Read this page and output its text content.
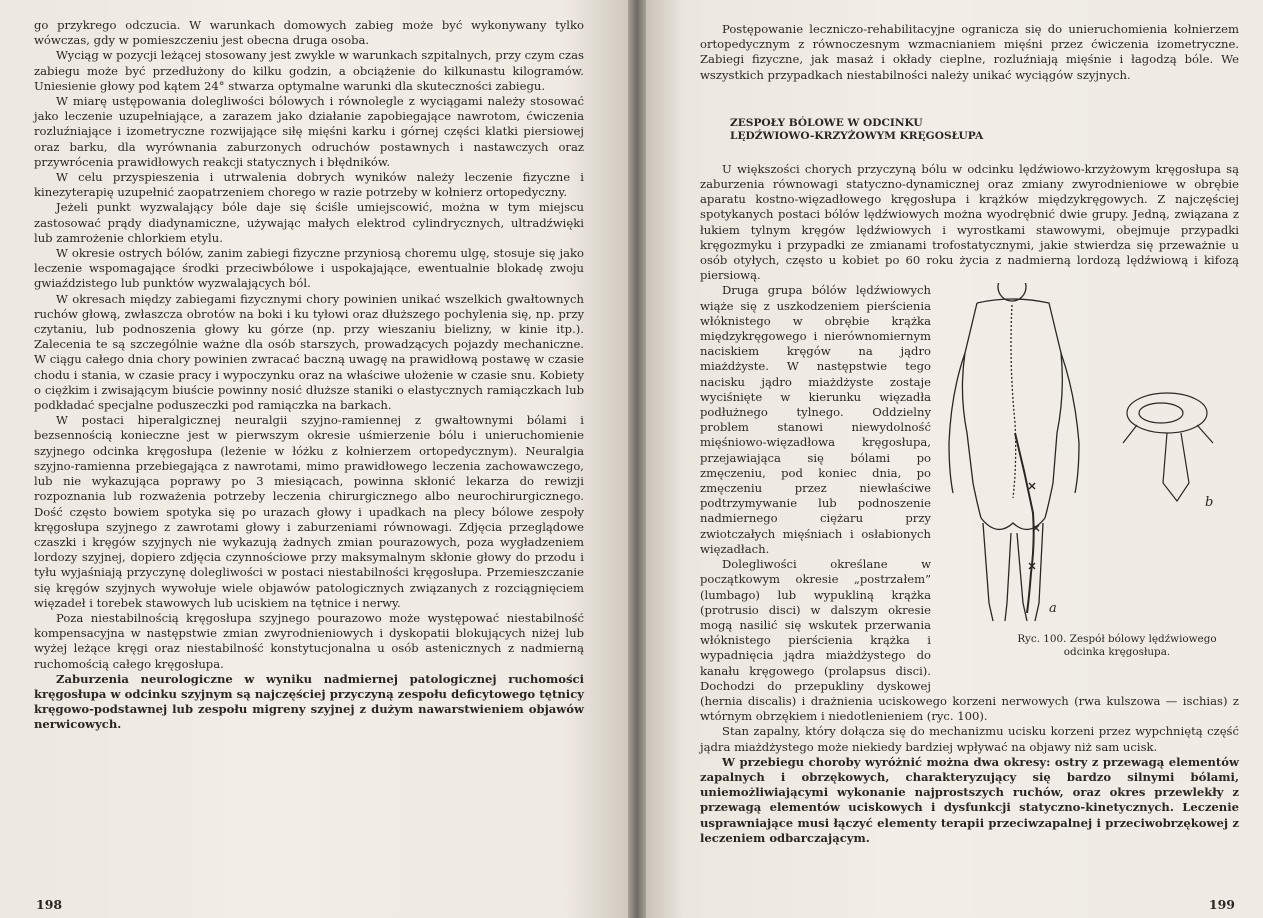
go przykrego odczucia. W warunkach domowych zabieg może być wykonywany tylko wówczas, gdy w pomieszczeniu jest obecna druga osoba.

Wyciąg w pozycji leżącej stosowany jest zwykle w warunkach szpitalnych, przy czym czas zabiegu może być przedłużony do kilku godzin, a obciążenie do kilkunastu kilogramów. Uniesienie głowy pod kątem 24° stwarza optymalne warunki dla skuteczności zabiegu.

W miarę ustępowania dolegliwości bólowych i równolegle z wyciągami należy stosować jako leczenie uzupełniające, a zarazem jako działanie zapobiegające nawrotom, ćwiczenia rozluźniające i izometryczne rozwijające siłę mięśni karku i górnej części klatki piersiowej oraz barku, dla wyrównania zaburzonych odruchów postawnych i nastawczych oraz przywrócenia prawidłowych reakcji statycznych i błędników.

W celu przyspieszenia i utrwalenia dobrych wyników należy leczenie fizyczne i kinezyterapię uzupełnić zaopatrzeniem chorego w razie potrzeby w kołnierz ortopedyczny.

Jeżeli punkt wyzwalający bóle daje się ściśle umiejscowić, można w tym miejscu zastosować prądy diadynamiczne, używając małych elektrod cylindrycznych, ultradźwięki lub zamrożenie chlorkiem etylu.

W okresie ostrych bólów, zanim zabiegi fizyczne przyniosą choremu ulgę, stosuje się jako leczenie wspomagające środki przeciwbólowe i uspokajające, ewentualnie blokadę zwoju gwiaździstego lub punktów wyzwalających ból.

W okresach między zabiegami fizycznymi chory powinien unikać wszelkich gwałtownych ruchów głową, zwłaszcza obrotów na boki i ku tyłowi oraz dłuższego pochylenia się, np. przy czytaniu, lub podnoszenia głowy ku górze (np. przy wieszaniu bielizny, w kinie itp.). Zalecenia te są szczególnie ważne dla osób starszych, prowadzących pojazdy mechaniczne. W ciągu całego dnia chory powinien zwracać baczną uwagę na prawidłową postawę w czasie chodu i stania, w czasie pracy i wypoczynku oraz na właściwe ułożenie w czasie snu. Kobiety o ciężkim i zwisającym biuście powinny nosić dłuższe staniki o elastycznych ramiączkach lub podkładać specjalne poduszeczki pod ramiączka na barkach.

W postaci hiperalgicznej neuralgii szyjno-ramiennej z gwałtownymi bólami i bezsennością konieczne jest w pierwszym okresie uśmierzenie bólu i unieruchomienie szyjnego odcinka kręgosłupa (leżenie w łóżku z kołnierzem ortopedycznym). Neuralgia szyjno-ramienna przebiegająca z nawrotami, mimo prawidłowego leczenia zachowawczego, lub nie wykazująca poprawy po 3 miesiącach, powinna skłonić lekarza do rewizji rozpoznania lub rozważenia potrzeby leczenia chirurgicznego albo neurochirurgicznego. Dość często bowiem spotyka się po urazach głowy i upadkach na plecy bólowe zespoły kręgosłupa szyjnego z zawrotami głowy i zaburzeniami równowagi. Zdjęcia przeglądowe czaszki i kręgów szyjnych nie wykazują żadnych zmian pourazowych, poza wygładzeniem lordozy szyjnej, dopiero zdjęcia czynnościowe przy maksymalnym skłonie głowy do przodu i tyłu wyjaśniają przyczynę dolegliwości w postaci niestabilności kręgosłupa. Przemieszczanie się kręgów szyjnych wywołuje wiele objawów patologicznych związanych z rozciągnięciem więzadeł i torebek stawowych lub uciskiem na tętnice i nerwy.

Poza niestabilnością kręgosłupa szyjnego pourazowo może występować niestabilność kompensacyjna w następstwie zmian zwyrodnieniowych i dyskopatii blokujących niżej lub wyżej leżące kręgi oraz niestabilność konstytucjonalna u osób astenicznych z nadmierną ruchomością całego kręgosłupa.

Zaburzenia neurologiczne w wyniku nadmiernej patologicznej ruchomości kręgosłupa w odcinku szyjnym są najczęściej przyczyną zespołu deficytowego tętnicy kręgowo-podstawnej lub zespołu migreny szyjnej z dużym nawarstwieniem objawów nerwicowych.

198

Postępowanie leczniczo-rehabilitacyjne ogranicza się do unieruchomienia kołnierzem ortopedycznym z równoczesnym wzmacnianiem mięśni przez ćwiczenia izometryczne. Zabiegi fizyczne, jak masaż i okłady cieplne, rozluźniają mięśnie i łagodzą bóle. We wszystkich przypadkach niestabilności należy unikać wyciągów szyjnych.

ZESPOŁY BÓLOWE W ODCINKU
LĘDŹWIOWO-KRZYŻOWYM KRĘGOSŁUPA

U większości chorych przyczyną bólu w odcinku lędźwiowo-krzyżowym kręgosłupa są zaburzenia równowagi statyczno-dynamicznej oraz zmiany zwyrodnieniowe w obrębie aparatu kostno-więzadłowego kręgosłupa i krążków międzykręgowych. Z najczęściej spotykanych postaci bólów lędźwiowych można wyodrębnić dwie grupy. Jedną, związana z łukiem tylnym kręgów lędźwiowych i wyrostkami stawowymi, obejmuje przypadki kręgozmyku i przypadki ze zmianami trofostatycznymi, jakie stwierdza się przeważnie u osób otyłych, często u kobiet po 60 roku życia z nadmierną lordozą lędźwiową i kifozą piersiową.

a
b
Ryc. 100. Zespół bólowy lędźwiowego odcinka kręgosłupa.

Druga grupa bólów lędźwiowych wiąże się z uszkodzeniem pierścienia włóknistego w obrębie krążka międzykręgowego i nierównomiernym naciskiem kręgów na jądro miażdżyste. W następstwie tego nacisku jądro miażdżyste zostaje wyciśnięte w kierunku więzadła podłużnego tylnego. Oddzielny problem stanowi niewydolność mięśniowo-więzadłowa kręgosłupa, przejawiająca się bólami po zmęczeniu, pod koniec dnia, po zmęczeniu przez niewłaściwe podtrzymywanie lub podnoszenie nadmiernego ciężaru przy zwiotczałych mięśniach i osłabionych więzadłach.

Dolegliwości określane w początkowym okresie „postrzałem” (lumbago) lub wypukliną krążka (protrusio disci) w dalszym okresie mogą nasilić się wskutek przerwania włóknistego pierścienia krążka i wypadnięcia jądra miażdżystego do kanału kręgowego (prolapsus disci). Dochodzi do przepukliny dyskowej (hernia discalis) i drażnienia uciskowego korzeni nerwowych (rwa kulszowa — ischias) z wtórnym obrzękiem i niedotlenieniem (ryc. 100).

Stan zapalny, który dołącza się do mechanizmu ucisku korzeni przez wypchniętą część jądra miażdżystego może niekiedy bardziej wpływać na objawy niż sam ucisk.

W przebiegu choroby wyróżnić można dwa okresy: ostry z przewagą elementów zapalnych i obrzękowych, charakteryzujący się bardzo silnymi bólami, uniemożliwiającymi wykonanie najprostszych ruchów, oraz okres przewlekły z przewagą elementów uciskowych i dysfunkcji statyczno-kinetycznych. Leczenie usprawniające musi łączyć elementy terapii przeciwzapalnej i przeciwobrzękowej z leczeniem odbarczającym.

199
